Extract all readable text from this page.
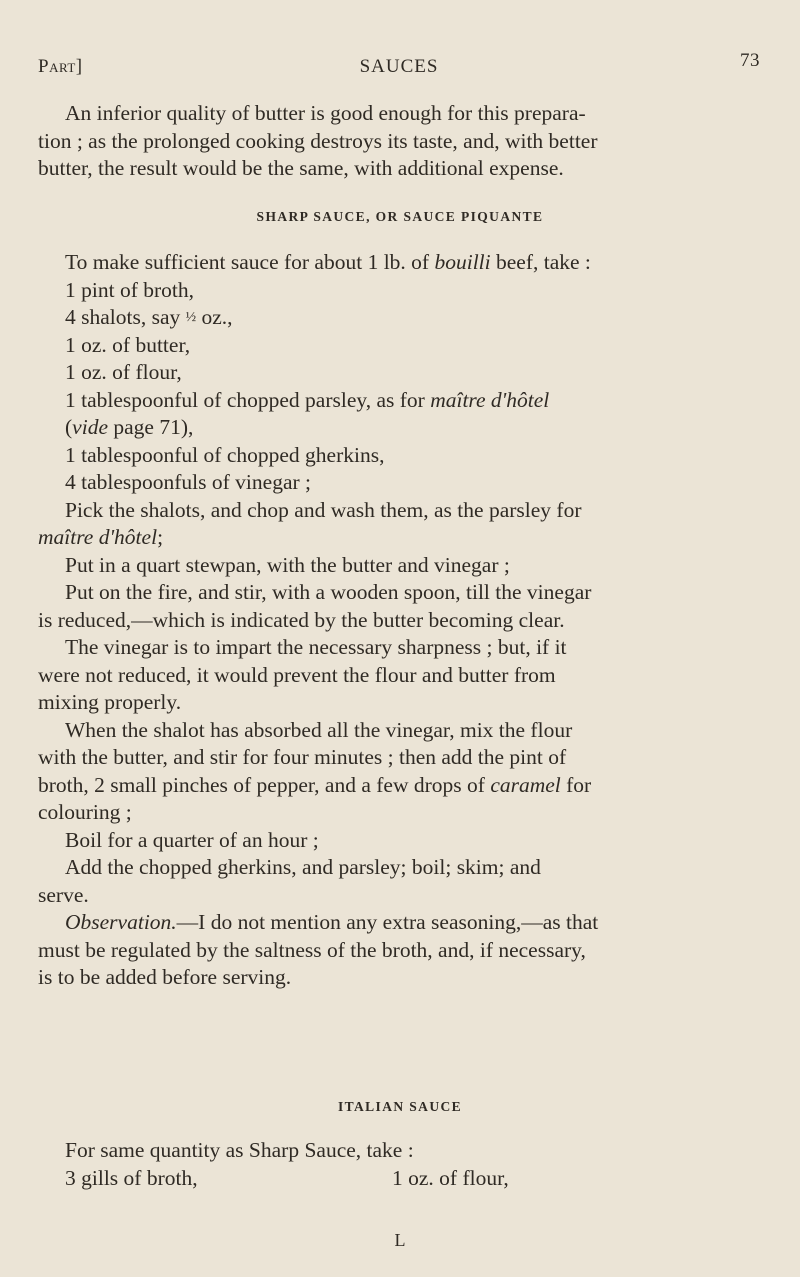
Part]	SAUCES	73
An inferior quality of butter is good enough for this prepara-
tion ; as the prolonged cooking destroys its taste, and, with better
butter, the result would be the same, with additional expense.
SHARP SAUCE, OR SAUCE PIQUANTE
To make sufficient sauce for about 1 lb. of bouilli beef, take :
1 pint of broth,
4 shalots, say ½ oz.,
1 oz. of butter,
1 oz. of flour,
1 tablespoonful of chopped parsley, as for maître d'hôtel
(vide page 71),
1 tablespoonful of chopped gherkins,
4 tablespoonfuls of vinegar ;
Pick the shalots, and chop and wash them, as the parsley for
maître d'hôtel;
Put in a quart stewpan, with the butter and vinegar ;
Put on the fire, and stir, with a wooden spoon, till the vinegar
is reduced,—which is indicated by the butter becoming clear.
The vinegar is to impart the necessary sharpness ; but, if it
were not reduced, it would prevent the flour and butter from
mixing properly.
When the shalot has absorbed all the vinegar, mix the flour
with the butter, and stir for four minutes ; then add the pint of
broth, 2 small pinches of pepper, and a few drops of caramel for
colouring ;
Boil for a quarter of an hour ;
Add the chopped gherkins, and parsley; boil; skim; and
serve.
Observation.—I do not mention any extra seasoning,—as that
must be regulated by the saltness of the broth, and, if necessary,
is to be added before serving.
ITALIAN SAUCE
For same quantity as Sharp Sauce, take :
3 gills of broth,	1 oz. of flour,
L
